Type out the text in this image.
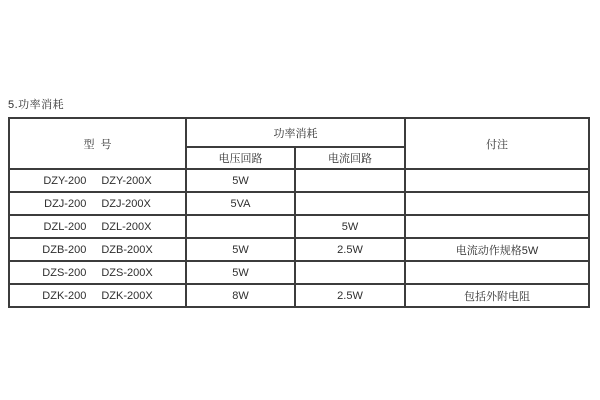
5.功率消耗
型  号	功率消耗		付注
	电压回路	电流回路	

DZY-200 DZY-200X	5W		

DZJ-200 DZJ-200X	5VA		

DZL-200 DZL-200X		5W	

DZB-200 DZB-200X	5W	2.5W	电流动作规格5W

DZS-200 DZS-200X	5W		

DZK-200 DZK-200X	8W	2.5W	包括外附电阻
